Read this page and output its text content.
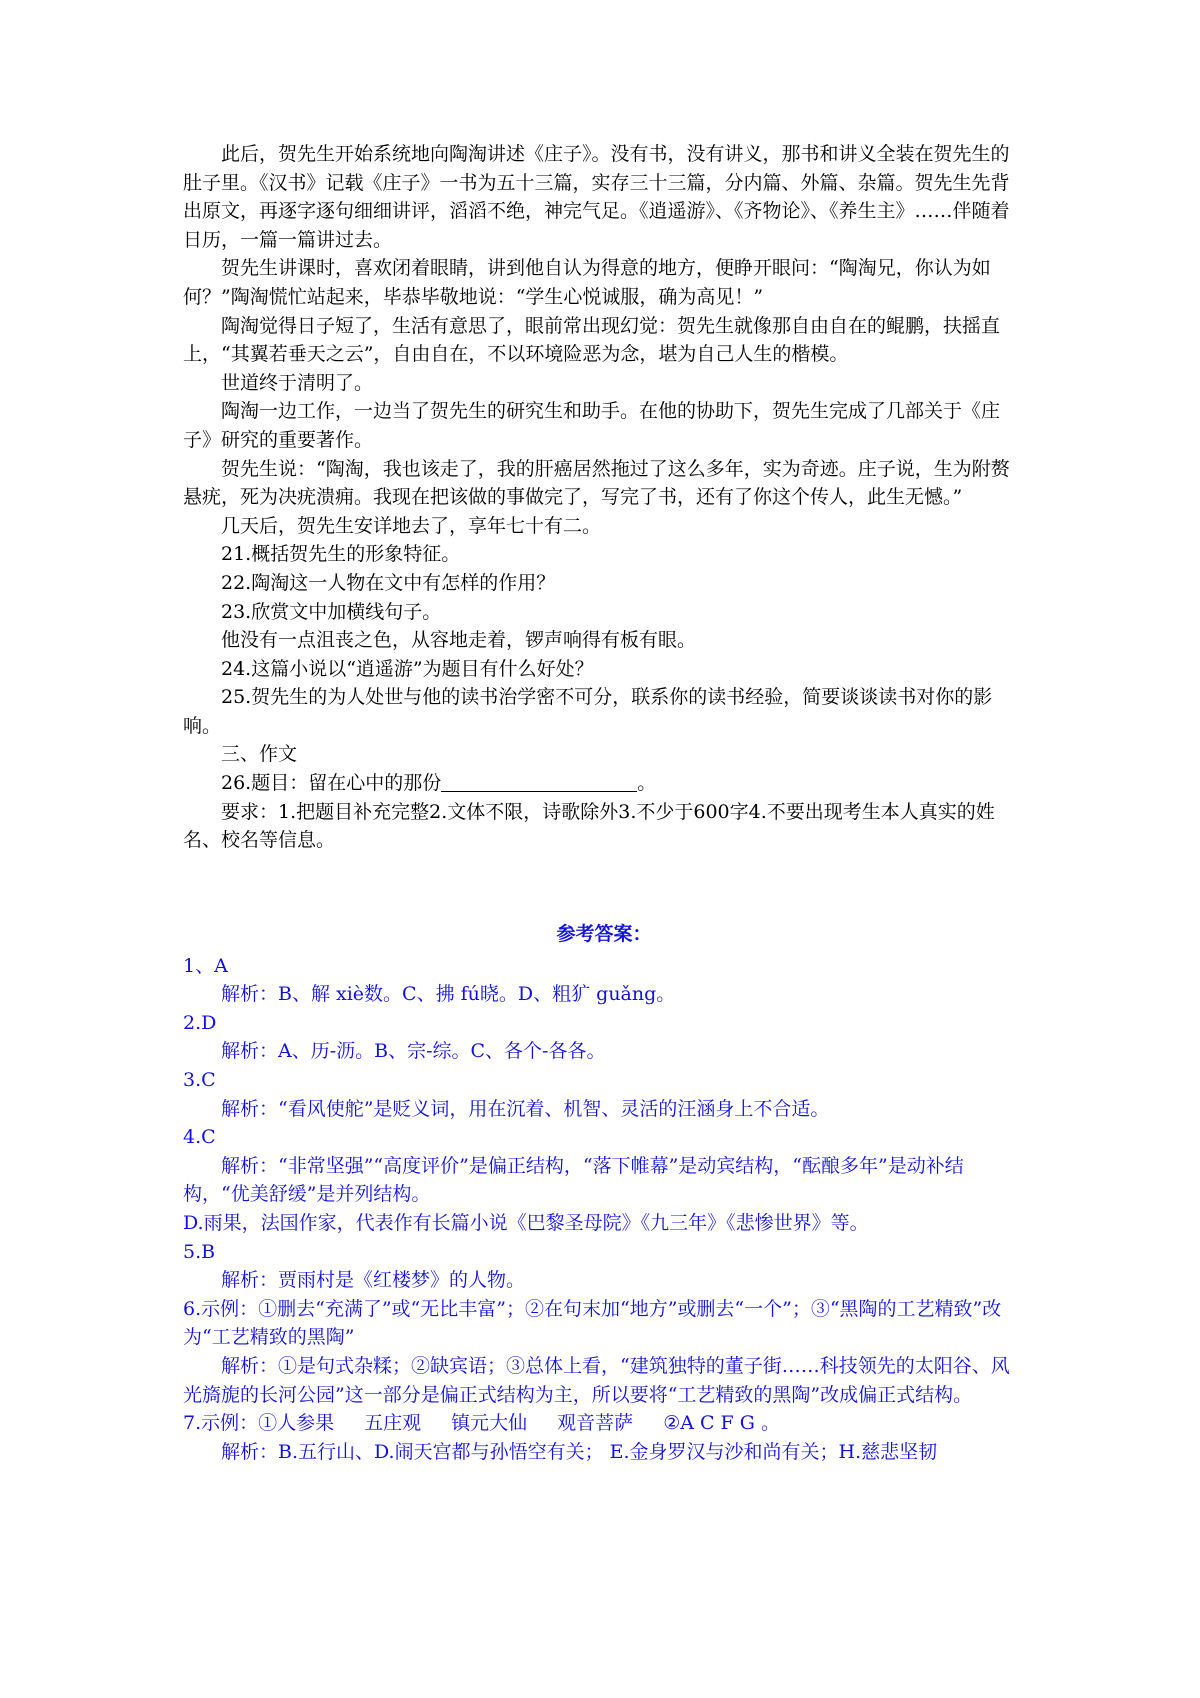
此后，贺先生开始系统地向陶淘讲述《庄子》。没有书，没有讲义，那书和讲义全装在贺先生的肚子里。《汉书》记载《庄子》一书为五十三篇，实存三十三篇，分内篇、外篇、杂篇。贺先生先背出原文，再逐字逐句细细讲评，滔滔不绝，神完气足。《逍遥游》、《齐物论》、《养生主》……伴随着日历，一篇一篇讲过去。

贺先生讲课时，喜欢闭着眼睛，讲到他自认为得意的地方，便睁开眼问：“陶淘兄，你认为如何？”陶淘慌忙站起来，毕恭毕敬地说：“学生心悦诚服，确为高见！”

陶淘觉得日子短了，生活有意思了，眼前常出现幻觉：贺先生就像那自由自在的鲲鹏，扶摇直上，“其翼若垂天之云”，自由自在，不以环境险恶为念，堪为自己人生的楷模。

世道终于清明了。

陶淘一边工作，一边当了贺先生的研究生和助手。在他的协助下，贺先生完成了几部关于《庄子》研究的重要著作。

贺先生说：“陶淘，我也该走了，我的肝癌居然拖过了这么多年，实为奇迹。庄子说，生为附赘悬疣，死为决疣溃痈。我现在把该做的事做完了，写完了书，还有了你这个传人，此生无憾。”

几天后，贺先生安详地去了，享年七十有二。

21.概括贺先生的形象特征。

22.陶淘这一人物在文中有怎样的作用？

23.欣赏文中加横线句子。

他没有一点沮丧之色，从容地走着，锣声响得有板有眼。

24.这篇小说以“逍遥游”为题目有什么好处？

25.贺先生的为人处世与他的读书治学密不可分，联系你的读书经验，简要谈谈读书对你的影响。

三、作文

26.题目：留在心中的那份	。

要求：1.把题目补充完整2.文体不限，诗歌除外3.不少于600字4.不要出现考生本人真实的姓名、校名等信息。

参考答案：

1、A

解析：B、解 xiè数。C、拂 fú晓。D、粗犷 guǎng。

2.D

解析：A、历-沥。B、宗-综。C、各个-各各。

3.C

解析：“看风使舵”是贬义词，用在沉着、机智、灵活的汪涵身上不合适。

4.C

解析：“非常坚强”“高度评价”是偏正结构，“落下帷幕”是动宾结构，“酝酿多年”是动补结构，“优美舒缓”是并列结构。

D.雨果，法国作家，代表作有长篇小说《巴黎圣母院》《九三年》《悲惨世界》等。

5.B

解析：贾雨村是《红楼梦》的人物。

6.示例：①删去“充满了”或“无比丰富”；②在句末加“地方”或删去“一个”；③“黑陶的工艺精致”改为“工艺精致的黑陶”

解析：①是句式杂糅；②缺宾语；③总体上看，“建筑独特的董子街……科技领先的太阳谷、风光旖旎的长河公园”这一部分是偏正式结构为主，所以要将“工艺精致的黑陶”改成偏正式结构。

7.示例：①人参果 五庄观 镇元大仙 观音菩萨 ②A C F G 。

解析：B.五行山、D.闹天宫都与孙悟空有关； E.金身罗汉与沙和尚有关；H.慈悲坚韧
